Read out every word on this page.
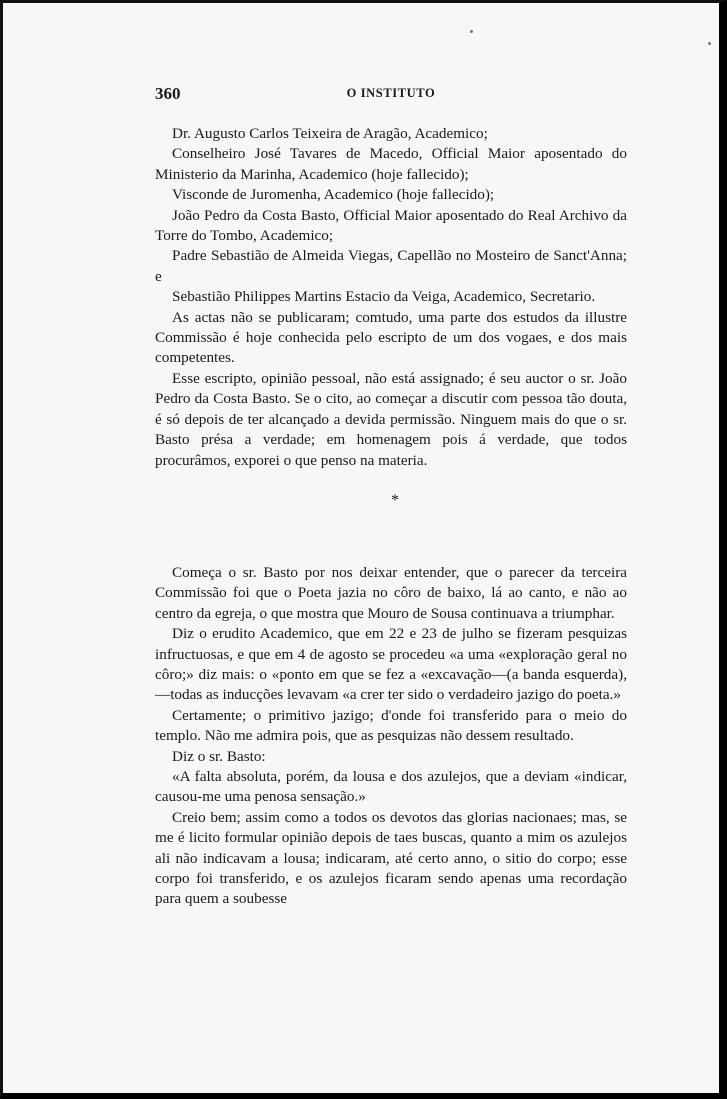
360	O INSTITUTO

Dr. Augusto Carlos Teixeira de Aragão, Academico;

Conselheiro José Tavares de Macedo, Official Maior aposentado do Ministerio da Marinha, Academico (hoje fallecido);

Visconde de Juromenha, Academico (hoje fallecido);

João Pedro da Costa Basto, Official Maior aposentado do Real Archivo da Torre do Tombo, Academico;

Padre Sebastião de Almeida Viegas, Capellão no Mosteiro de Sanct'Anna; e

Sebastião Philippes Martins Estacio da Veiga, Academico, Secretario.

As actas não se publicaram; comtudo, uma parte dos estudos da illustre Commissão é hoje conhecida pelo escripto de um dos vogaes, e dos mais competentes.

Esse escripto, opinião pessoal, não está assignado; é seu auctor o sr. João Pedro da Costa Basto. Se o cito, ao começar a discutir com pessoa tão douta, é só depois de ter alcançado a devida permissão. Ninguem mais do que o sr. Basto présa a verdade; em homenagem pois á verdade, que todos procurâmos, exporei o que penso na materia.

*

Começa o sr. Basto por nos deixar entender, que o parecer da terceira Commissão foi que o Poeta jazia no côro de baixo, lá ao canto, e não ao centro da egreja, o que mostra que Mouro de Sousa continuava a triumphar.

Diz o erudito Academico, que em 22 e 23 de julho se fizeram pesquizas infructuosas, e que em 4 de agosto se procedeu «a uma «exploração geral no côro;» diz mais: o «ponto em que se fez a «excavação—(a banda esquerda),—todas as inducções levavam «a crer ter sido o verdadeiro jazigo do poeta.»

Certamente; o primitivo jazigo; d'onde foi transferido para o meio do templo. Não me admira pois, que as pesquizas não dessem resultado.

Diz o sr. Basto:

«A falta absoluta, porém, da lousa e dos azulejos, que a deviam «indicar, causou-me uma penosa sensação.»

Creio bem; assim como a todos os devotos das glorias nacionaes; mas, se me é licito formular opinião depois de taes buscas, quanto a mim os azulejos ali não indicavam a lousa; indicaram, até certo anno, o sitio do corpo; esse corpo foi transferido, e os azulejos ficaram sendo apenas uma recordação para quem a soubesse
